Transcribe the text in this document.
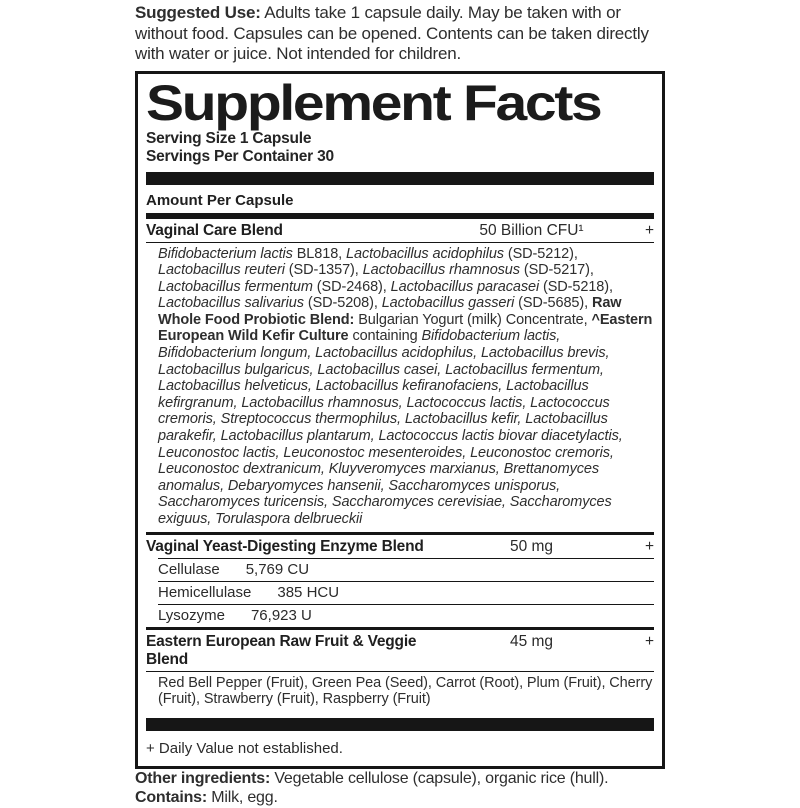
Suggested Use: Adults take 1 capsule daily. May be taken with or without food. Capsules can be opened. Contents can be taken directly with water or juice. Not intended for children.

Supplement Facts
Serving Size 1 Capsule
Servings Per Container 30
Amount Per Capsule
Vaginal Care Blend	50 Billion CFU¹	+
Bifidobacterium lactis BL818, Lactobacillus acidophilus (SD-5212), Lactobacillus reuteri (SD-1357), Lactobacillus rhamnosus (SD-5217), Lactobacillus fermentum (SD-2468), Lactobacillus paracasei (SD-5218), Lactobacillus salivarius (SD-5208), Lactobacillus gasseri (SD-5685), Raw Whole Food Probiotic Blend: Bulgarian Yogurt (milk) Concentrate, ^Eastern European Wild Kefir Culture containing Bifidobacterium lactis, Bifidobacterium longum, Lactobacillus acidophilus, Lactobacillus brevis, Lactobacillus bulgaricus, Lactobacillus casei, Lactobacillus fermentum, Lactobacillus helveticus, Lactobacillus kefiranofaciens, Lactobacillus kefirgranum, Lactobacillus rhamnosus, Lactococcus lactis, Lactococcus cremoris, Streptococcus thermophilus, Lactobacillus kefir, Lactobacillus parakefir, Lactobacillus plantarum, Lactococcus lactis biovar diacetylactis, Leuconostoc lactis, Leuconostoc mesenteroides, Leuconostoc cremoris, Leuconostoc dextranicum, Kluyveromyces marxianus, Brettanomyces anomalus, Debaryomyces hansenii, Saccharomyces unisporus, Saccharomyces turicensis, Saccharomyces cerevisiae, Saccharomyces exiguus, Torulaspora delbrueckii
Vaginal Yeast-Digesting Enzyme Blend	50 mg	+
Cellulase 5,769 CU
Hemicellulase 385 HCU
Lysozyme 76,923 U
Eastern European Raw Fruit & Veggie Blend
45 mg	+
Red Bell Pepper (Fruit), Green Pea (Seed), Carrot (Root), Plum (Fruit), Cherry (Fruit), Strawberry (Fruit), Raspberry (Fruit)
+ Daily Value not established.

Other ingredients: Vegetable cellulose (capsule), organic rice (hull).
Contains: Milk, egg.
